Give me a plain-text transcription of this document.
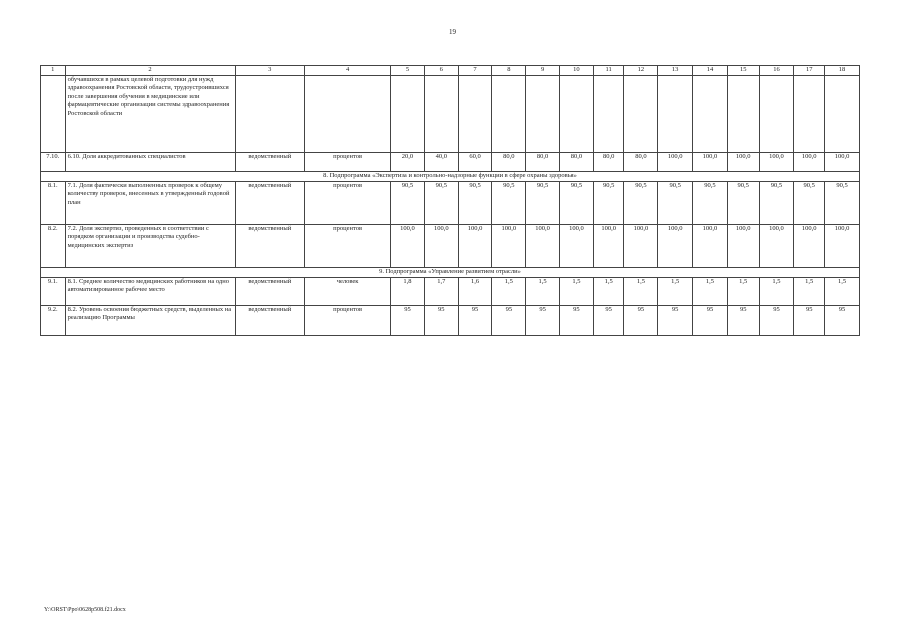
19
1	2	3	4	5	6	7	8	9	10	11	12	13	14	15	16	17	18
	обучавшихся в рамках целевой подготовки для нужд здравоохранения Ростовской области, трудоустроившихся после завершения обучения в медицинские или фармацевтические организации системы здравоохранения Ростовской области																
7.10.	6.10. Доля аккредитованных специалистов	ведомственный	процентов	20,0	40,0	60,0	80,0	80,0	80,0	80,0	80,0	100,0	100,0	100,0	100,0	100,0	100,0
8. Подпрограмма «Экспертиза и контрольно-надзорные функции в сфере охраны здоровья»																	
8.1.	7.1. Доля фактически выполненных проверок к общему количеству проверок, внесенных в утвержденный годовой план	ведомственный	процентов	90,5	90,5	90,5	90,5	90,5	90,5	90,5	90,5	90,5	90,5	90,5	90,5	90,5	90,5
8.2.	7.2. Доля экспертиз, проведенных в соответствии с порядком организации и производства судебно-медицинских экспертиз	ведомственный	процентов	100,0	100,0	100,0	100,0	100,0	100,0	100,0	100,0	100,0	100,0	100,0	100,0	100,0	100,0
9. Подпрограмма «Управление развитием отрасли»																	
9.1.	8.1. Среднее количество медицинских работников на одно автоматизированное рабочее место	ведомственный	человек	1,8	1,7	1,6	1,5	1,5	1,5	1,5	1,5	1,5	1,5	1,5	1,5	1,5	1,5
9.2.	8.2. Уровень освоения бюджетных средств, выделенных на реализацию Программы	ведомственный	процентов	95	95	95	95	95	95	95	95	95	95	95	95	95	95
Y:\ORST\Ppo\0628p508.f21.docx
